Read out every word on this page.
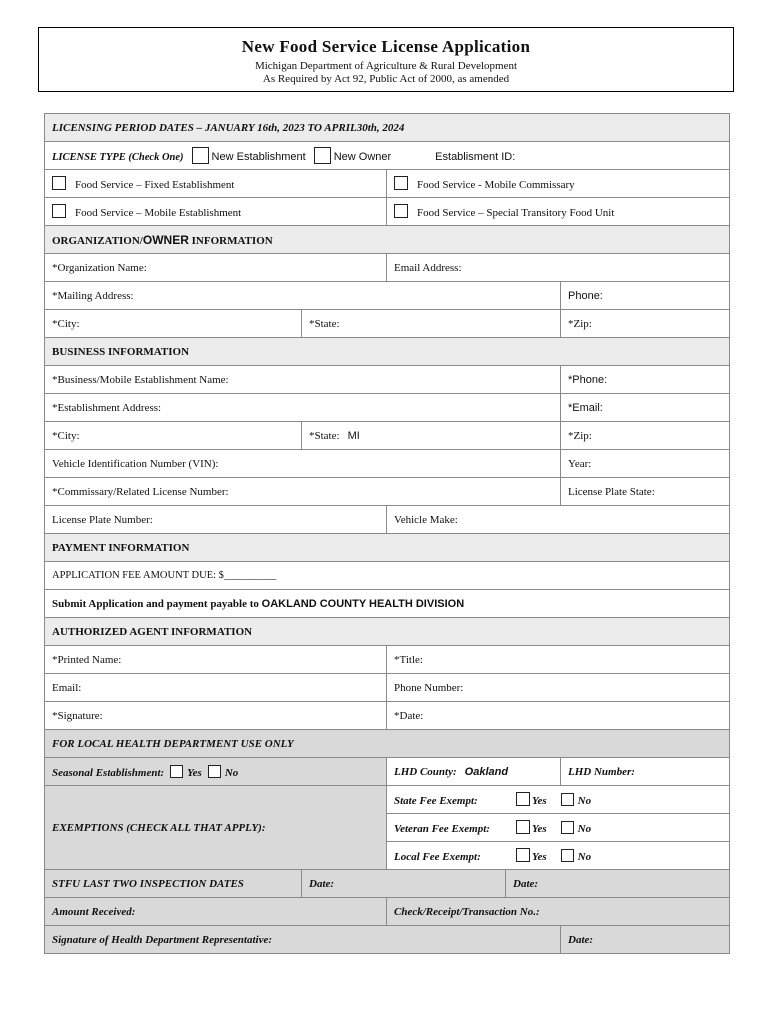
New Food Service License Application
Michigan Department of Agriculture & Rural Development
As Required by Act 92, Public Act of 2000, as amended
LICENSING PERIOD DATES – JANUARY 16th, 2023 TO APRIL30th, 2024				
LICENSE TYPE (Check One) New Establishment New Owner Establisment ID:				
Food Service – Fixed Establishment		Food Service - Mobile Commissary		
Food Service – Mobile Establishment		Food Service – Special Transitory Food Unit		
ORGANIZATION/OWNER INFORMATION				
*Organization Name:		Email Address:		
*Mailing Address:				Phone:
*City:	*State:			*Zip:
BUSINESS INFORMATION				
*Business/Mobile Establishment Name:				*Phone:
*Establishment Address:				*Email:
*City:	*State: MI			*Zip:
Vehicle Identification Number (VIN):				Year:
*Commissary/Related License Number:				License Plate State:
License Plate Number:		Vehicle Make:		
PAYMENT INFORMATION				
APPLICATION FEE AMOUNT DUE: $__________				
Submit Application and payment payable to OAKLAND COUNTY HEALTH DIVISION				
AUTHORIZED AGENT INFORMATION				
*Printed Name:		*Title:		
Email:		Phone Number:		
*Signature:		*Date:		
FOR LOCAL HEALTH DEPARTMENT USE ONLY				
Seasonal Establishment: Yes No		LHD County: Oakland		LHD Number:
EXEMPTIONS (CHECK ALL THAT APPLY):		State Fee Exempt: Yes No		
		Veteran Fee Exempt: Yes No		
		Local Fee Exempt: Yes No		
STFU LAST TWO INSPECTION DATES	Date:		Date:	
Amount Received:		Check/Receipt/Transaction No.:		
Signature of Health Department Representative:				Date:
